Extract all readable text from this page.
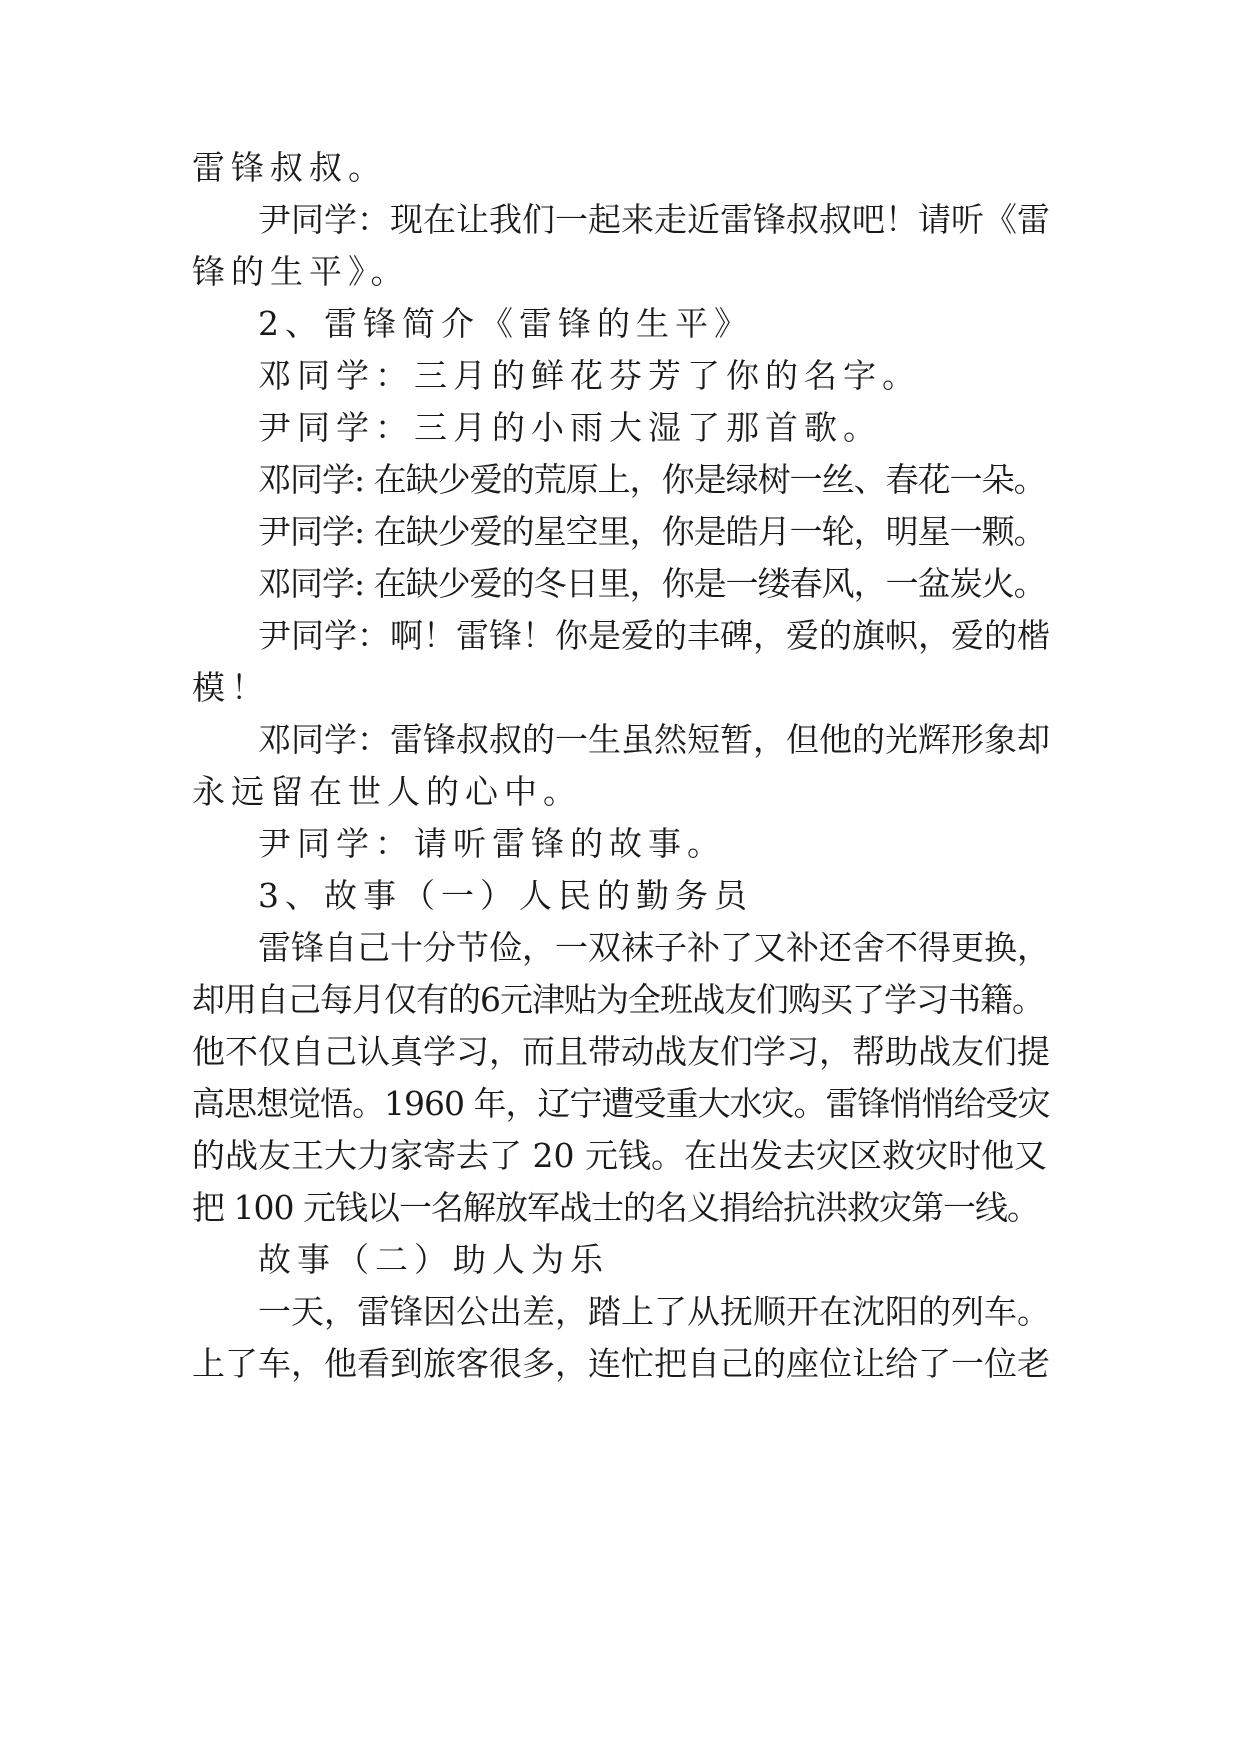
雷锋叔叔。

尹同学：现在让我们一起来走近雷锋叔叔吧！请听《雷

锋的生平》。

2、雷锋简介《雷锋的生平》

邓同学：三月的鲜花芬芳了你的名字。

尹同学：三月的小雨大湿了那首歌。

邓同学: 在缺少爱的荒原上，你是绿树一丝、春花一朵。

尹同学: 在缺少爱的星空里，你是皓月一轮，明星一颗。

邓同学: 在缺少爱的冬日里，你是一缕春风，一盆炭火。

尹同学：啊！雷锋！你是爱的丰碑，爱的旗帜，爱的楷

模！

邓同学：雷锋叔叔的一生虽然短暂，但他的光辉形象却

永远留在世人的心中。

尹同学：请听雷锋的故事。

3、故事（一）人民的勤务员

雷锋自己十分节俭，一双袜子补了又补还舍不得更换，

却用自己每月仅有的6元津贴为全班战友们购买了学习书籍。

他不仅自己认真学习，而且带动战友们学习，帮助战友们提

高思想觉悟。1960 年，辽宁遭受重大水灾。雷锋悄悄给受灾

的战友王大力家寄去了 20 元钱。在出发去灾区救灾时他又

把 100 元钱以一名解放军战士的名义捐给抗洪救灾第一线。

故事（二）助人为乐

一天，雷锋因公出差，踏上了从抚顺开在沈阳的列车。

上了车，他看到旅客很多，连忙把自己的座位让给了一位老
